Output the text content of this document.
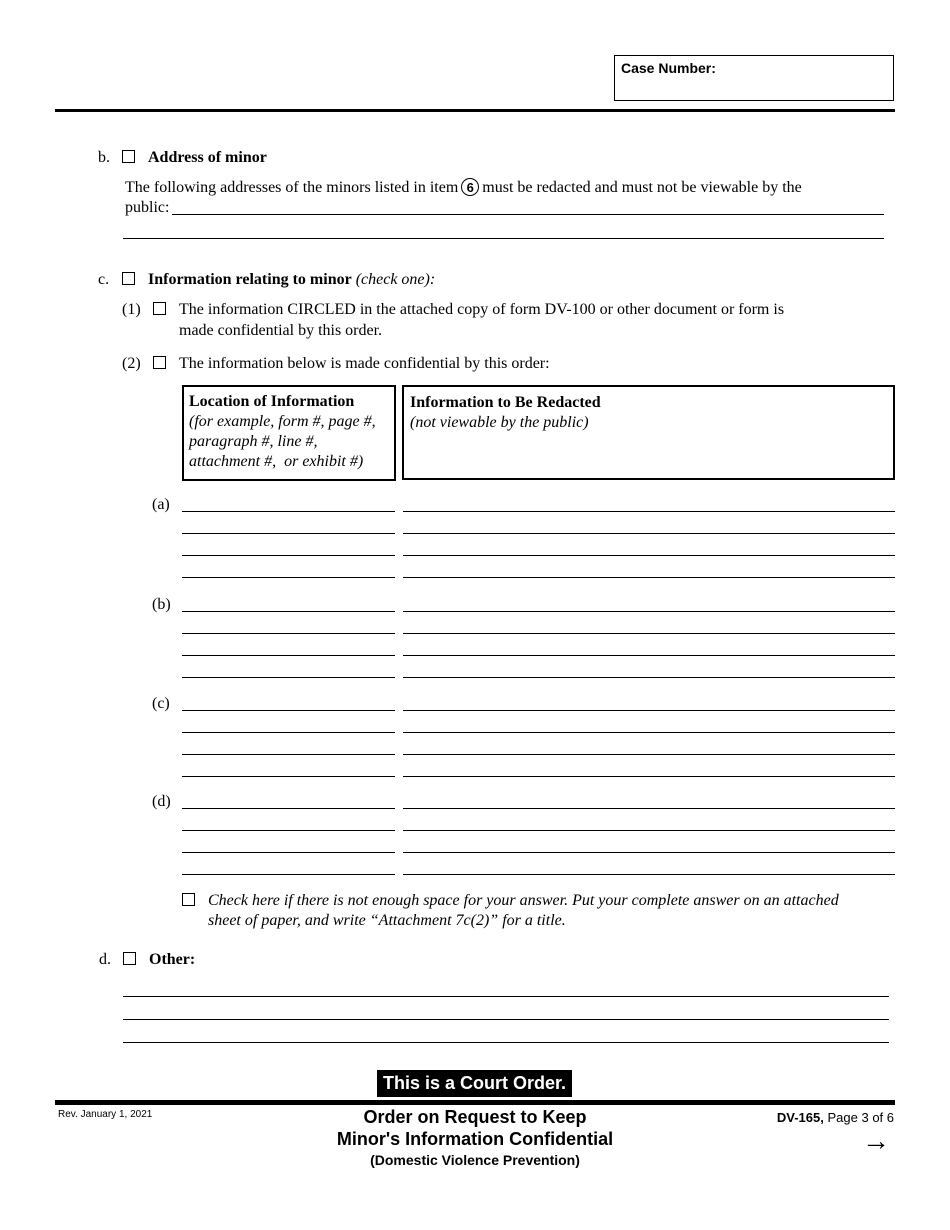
Case Number:
b. Address of minor
The following addresses of the minors listed in item 6 must be redacted and must not be viewable by the
public:
c. Information relating to minor (check one):
(1) The information CIRCLED in the attached copy of form DV-100 or other document or form is
made confidential by this order.
(2) The information below is made confidential by this order:
Location of Information
(for example, form #, page #,
paragraph #, line #,
attachment #,  or exhibit #)
Information to Be Redacted
(not viewable by the public)
(a)
(b)
(c)
(d)
Check here if there is not enough space for your answer. Put your complete answer on an attached
sheet of paper, and write “Attachment 7c(2)” for a title.
d. Other:
This is a Court Order.
Rev. January 1, 2021	Order on Request to Keep
Minor's Information Confidential
(Domestic Violence Prevention)
DV-165, Page 3 of 6
→
